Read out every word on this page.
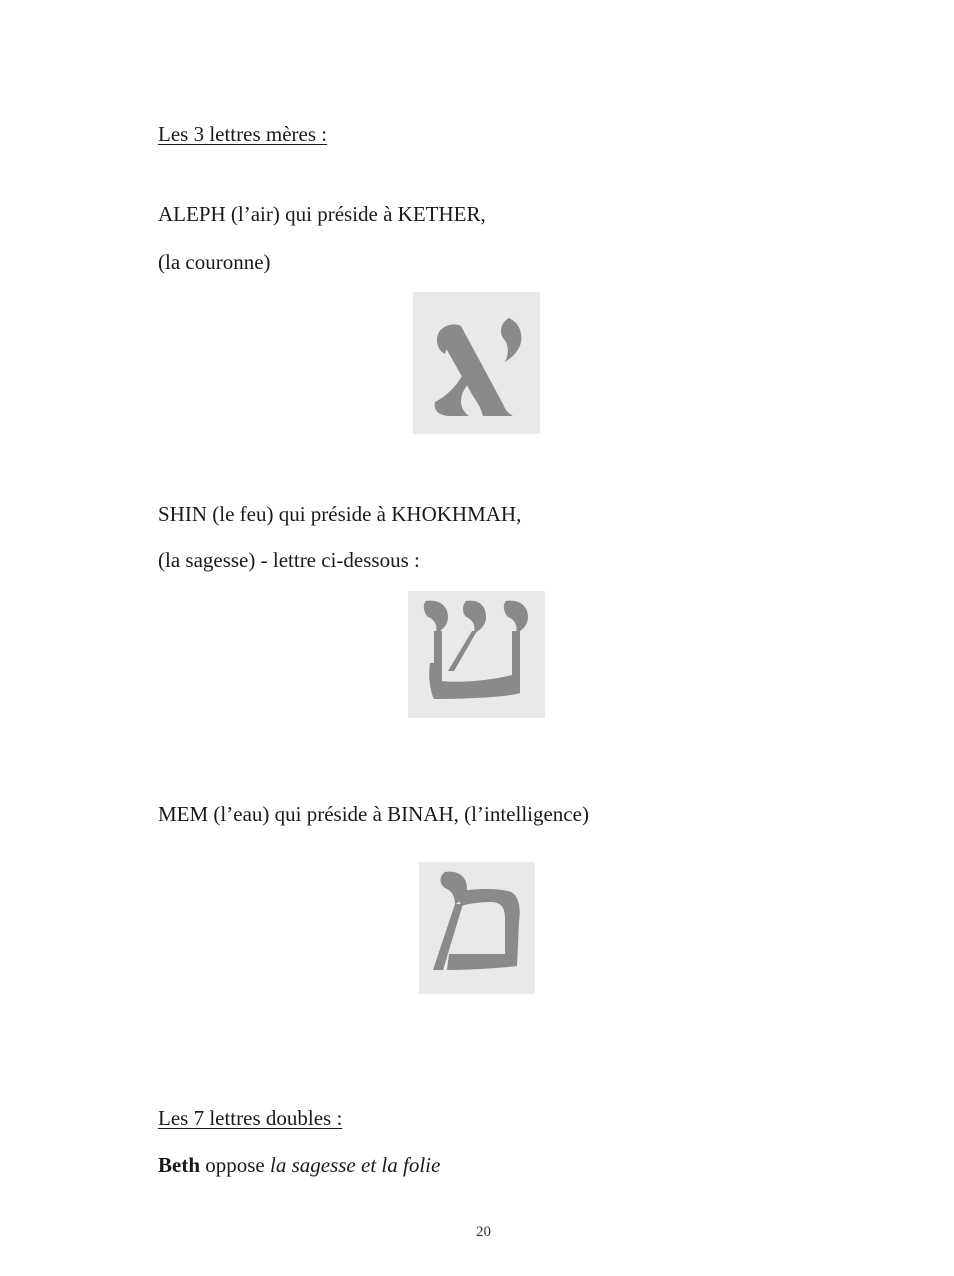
Les 3 lettres mères :
ALEPH (l’air) qui préside à KETHER,
(la couronne)
SHIN (le feu) qui préside à KHOKHMAH,
(la sagesse) - lettre ci-dessous :
MEM (l’eau) qui préside à BINAH, (l’intelligence)
Les 7 lettres doubles :
Beth oppose la sagesse et la folie
20
